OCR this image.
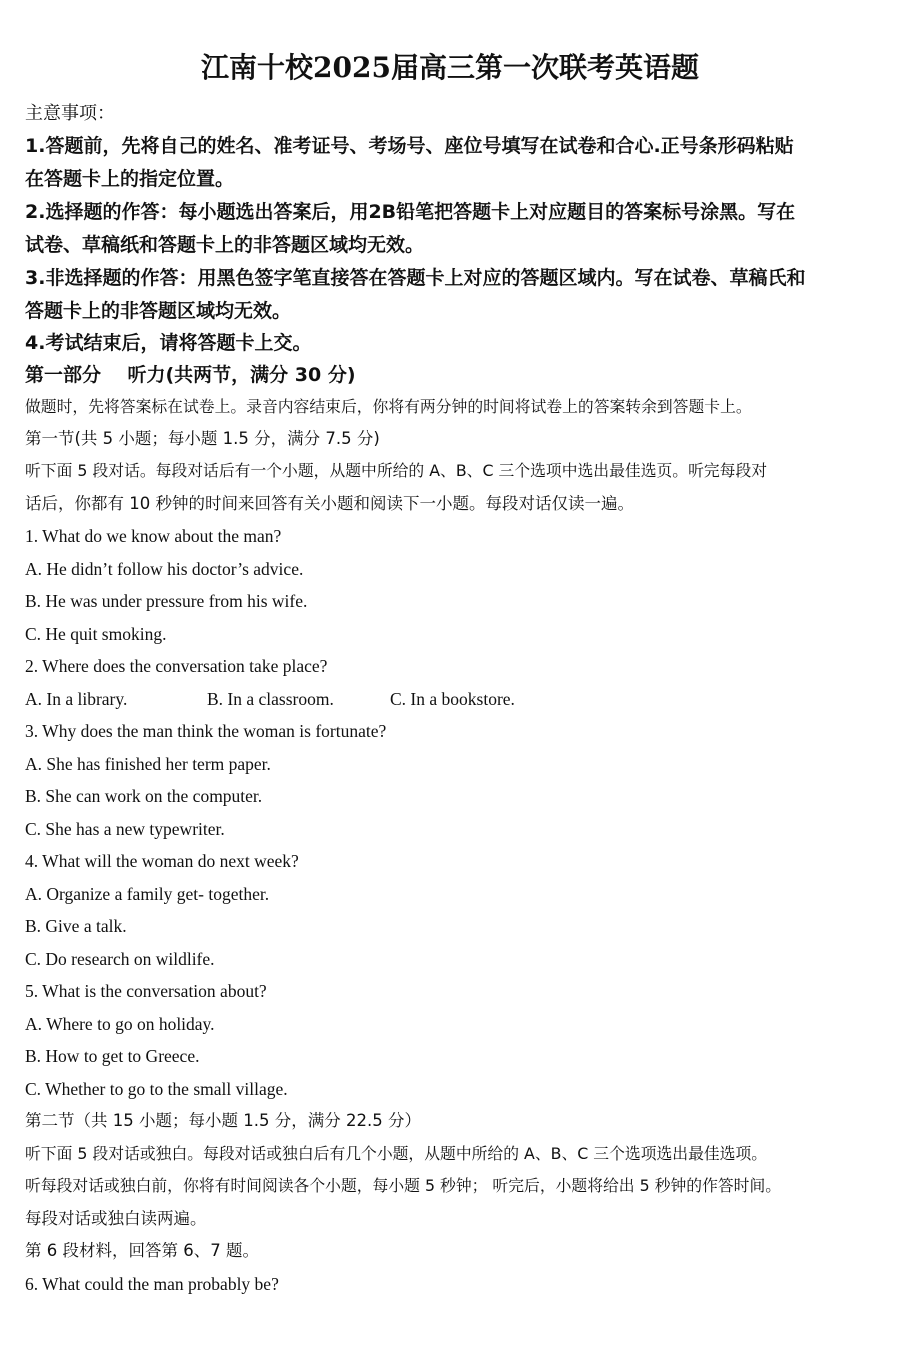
江南十校2025届高三第一次联考英语题
主意事项：
1.答题前，先将自己的姓名、准考证号、考场号、座位号填写在试卷和合心.正号条形码粘贴
在答题卡上的指定位置。
2.选择题的作答：每小题选出答案后，用2B铅笔把答题卡上对应题目的答案标号涂黑。写在
试卷、草稿纸和答题卡上的非答题区域均无效。
3.非选择题的作答：用黑色签字笔直接答在答题卡上对应的答题区域内。写在试卷、草稿氏和
答题卡上的非答题区域均无效。
4.考试结束后，请将答题卡上交。
第一部分    听力(共两节，满分 30 分)
做题时，先将答案标在试卷上。录音内容结束后，你将有两分钟的时间将试卷上的答案转余到答题卡上。
第一节(共 5 小题；每小题 1.5 分，满分 7.5 分)
听下面 5 段对话。每段对话后有一个小题，从题中所给的 A、B、C 三个选项中选出最佳选页。听完每段对
话后，你都有 10 秒钟的时间来回答有关小题和阅读下一小题。每段对话仅读一遍。
1. What do we know about the man?
A. He didn’t follow his doctor’s advice.
B. He was under pressure from his wife.
C. He quit smoking.
2. Where does the conversation take place?
A. In a library.	B. In a classroom.	C. In a bookstore.
3. Why does the man think the woman is fortunate?
A. She has finished her term paper.
B. She can work on the computer.
C. She has a new typewriter.
4. What will the woman do next week?
A. Organize a family get- together.
B. Give a talk.
C. Do research on wildlife.
5. What is the conversation about?
A. Where to go on holiday.
B. How to get to Greece.
C. Whether to go to the small village.
第二节（共 15 小题；每小题 1.5 分，满分 22.5 分）
听下面 5 段对话或独白。每段对话或独白后有几个小题，从题中所给的 A、B、C 三个选项选出最佳选项。
听每段对话或独白前，你将有时间阅读各个小题，每小题 5 秒钟； 听完后，小题将给出 5 秒钟的作答时间。
每段对话或独白读两遍。
第 6 段材料，回答第 6、7 题。
6. What could the man probably be?
